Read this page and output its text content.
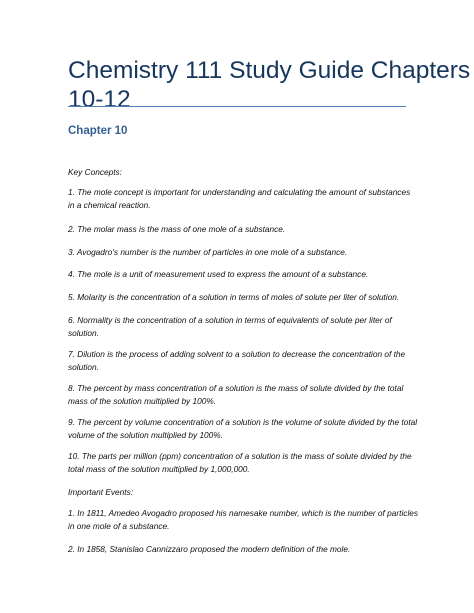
Chemistry 111 Study Guide Chapters
10-12
Chapter 10

Key Concepts:

1. The mole concept is important for understanding and calculating the amount of substances
in a chemical reaction.

2. The molar mass is the mass of one mole of a substance.

3. Avogadro's number is the number of particles in one mole of a substance.

4. The mole is a unit of measurement used to express the amount of a substance.

5. Molarity is the concentration of a solution in terms of moles of solute per liter of solution.

6. Normality is the concentration of a solution in terms of equivalents of solute per liter of
solution.

7. Dilution is the process of adding solvent to a solution to decrease the concentration of the
solution.

8. The percent by mass concentration of a solution is the mass of solute divided by the total
mass of the solution multiplied by 100%.

9. The percent by volume concentration of a solution is the volume of solute divided by the total
volume of the solution multiplied by 100%.

10. The parts per million (ppm) concentration of a solution is the mass of solute divided by the
total mass of the solution multiplied by 1,000,000.

Important Events:

1. In 1811, Amedeo Avogadro proposed his namesake number, which is the number of particles
in one mole of a substance.

2. In 1858, Stanislao Cannizzaro proposed the modern definition of the mole.
